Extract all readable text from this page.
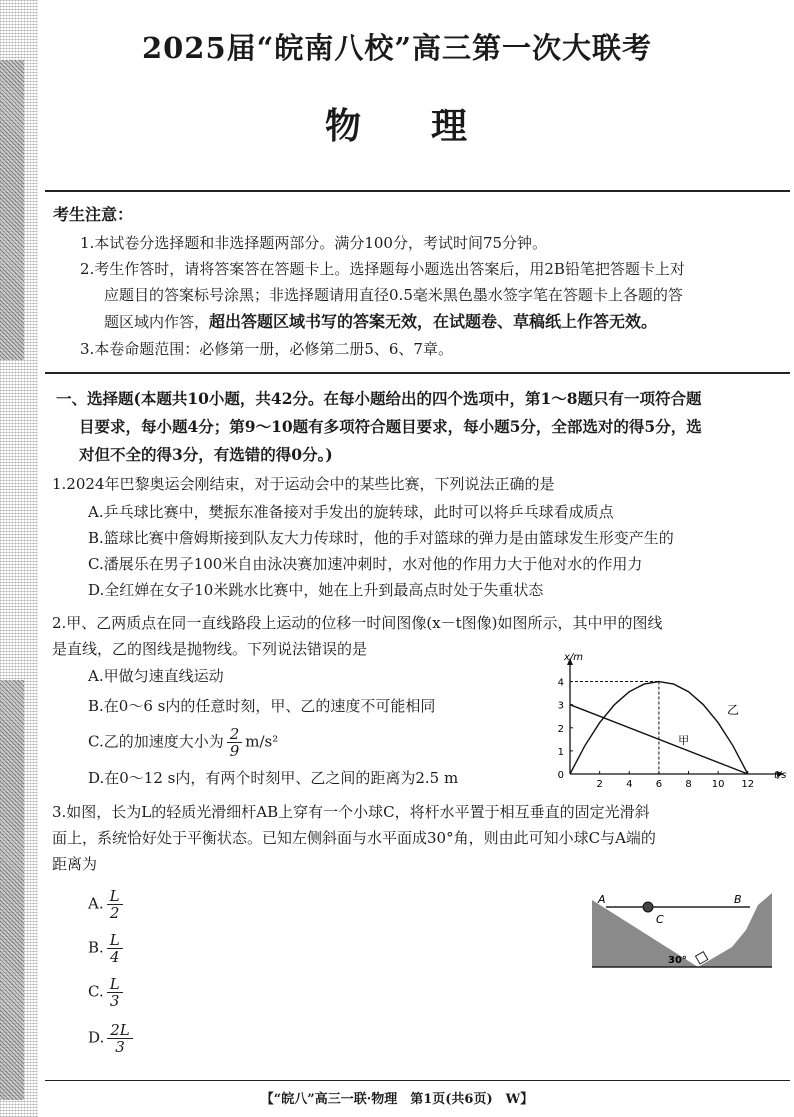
2025届“皖南八校”高三第一次大联考
物 理
考生注意：
1.本试卷分选择题和非选择题两部分。满分100分，考试时间75分钟。
2.考生作答时，请将答案答在答题卡上。选择题每小题选出答案后，用2B铅笔把答题卡上对
应题目的答案标号涂黑；非选择题请用直径0.5毫米黑色墨水签字笔在答题卡上各题的答
题区域内作答，超出答题区域书写的答案无效，在试题卷、草稿纸上作答无效。
3.本卷命题范围：必修第一册，必修第二册5、6、7章。
一、选择题(本题共10小题，共42分。在每小题给出的四个选项中，第1～8题只有一项符合题
目要求，每小题4分；第9～10题有多项符合题目要求，每小题5分，全部选对的得5分，选
对但不全的得3分，有选错的得0分。)
1.2024年巴黎奥运会刚结束，对于运动会中的某些比赛，下列说法正确的是
A.乒乓球比赛中，樊振东准备接对手发出的旋转球，此时可以将乒乓球看成质点
B.篮球比赛中詹姆斯接到队友大力传球时，他的手对篮球的弹力是由篮球发生形变产生的
C.潘展乐在男子100米自由泳决赛加速冲刺时，水对他的作用力大于他对水的作用力
D.全红婵在女子10米跳水比赛中，她在上升到最高点时处于失重状态
2.甲、乙两质点在同一直线路段上运动的位移一时间图像(x－t图像)如图所示，其中甲的图线
是直线，乙的图线是抛物线。下列说法错误的是
A.甲做匀速直线运动
B.在0～6 s内的任意时刻，甲、乙的速度不可能相同
C.乙的加速度大小为 $\frac{2}{9} m/s^2$
D.在0～12 s内，有两个时刻甲、乙之间的距离为2.5 m	t/s
x/m
2 4 6 8 10 12
0
1
2
3
4
甲
乙
3.如图，长为L的轻质光滑细杆AB上穿有一个小球C，将杆水平置于相互垂直的固定光滑斜
面上，系统恰好处于平衡状态。已知左侧斜面与水平面成30°角，则由此可知小球C与A端的
距离为
A. $\frac{L}{2}$
B. $\frac{L}{4}$
C. $\frac{L}{3}$
D. $\frac{2L}{3}$
A	B
C
30°
【“皖八”高三一联·物理　第1页(共6页)　W】
